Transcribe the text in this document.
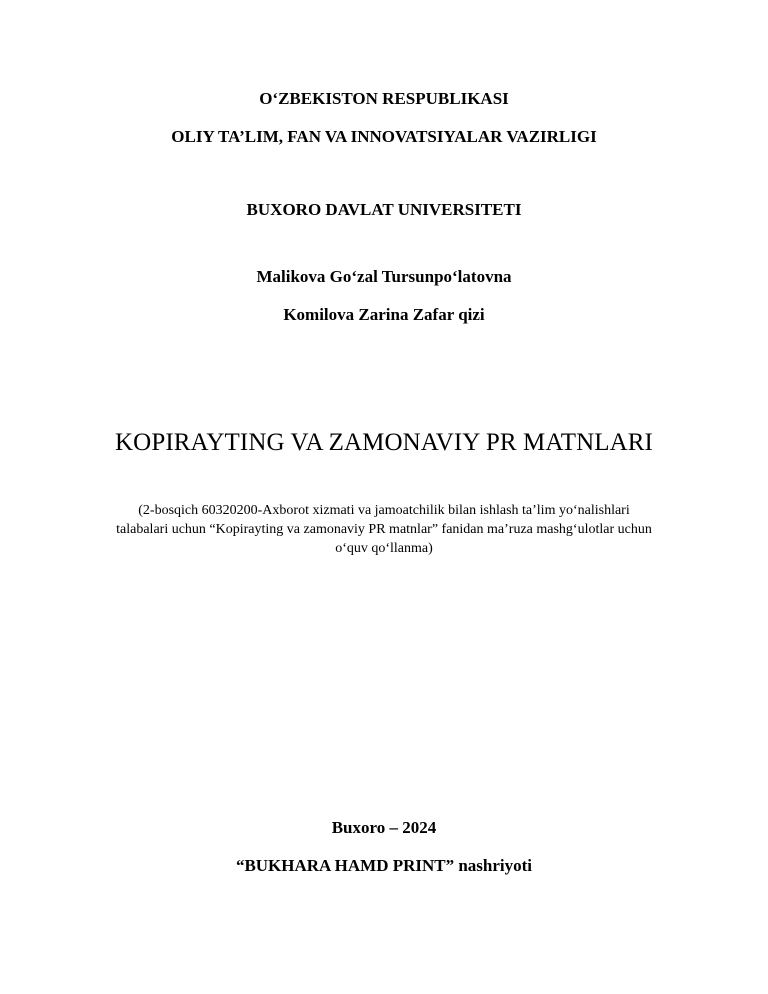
O‘ZBEKISTON RESPUBLIKASI
OLIY TA’LIM, FAN VA INNOVATSIYALAR VAZIRLIGI
BUXORO DAVLAT UNIVERSITETI
Malikova Go‘zal Tursunpo‘latovna
Komilova Zarina Zafar qizi
KOPIRAYTING VA ZAMONAVIY PR MATNLARI
(2-bosqich 60320200-Axborot xizmati va jamoatchilik bilan ishlash ta’lim yo‘nalishlari
talabalari uchun “Kopirayting va zamonaviy PR matnlar” fanidan ma’ruza mashg‘ulotlar uchun
o‘quv qo‘llanma)
Buxoro – 2024
“BUKHARA HAMD PRINT” nashriyoti
